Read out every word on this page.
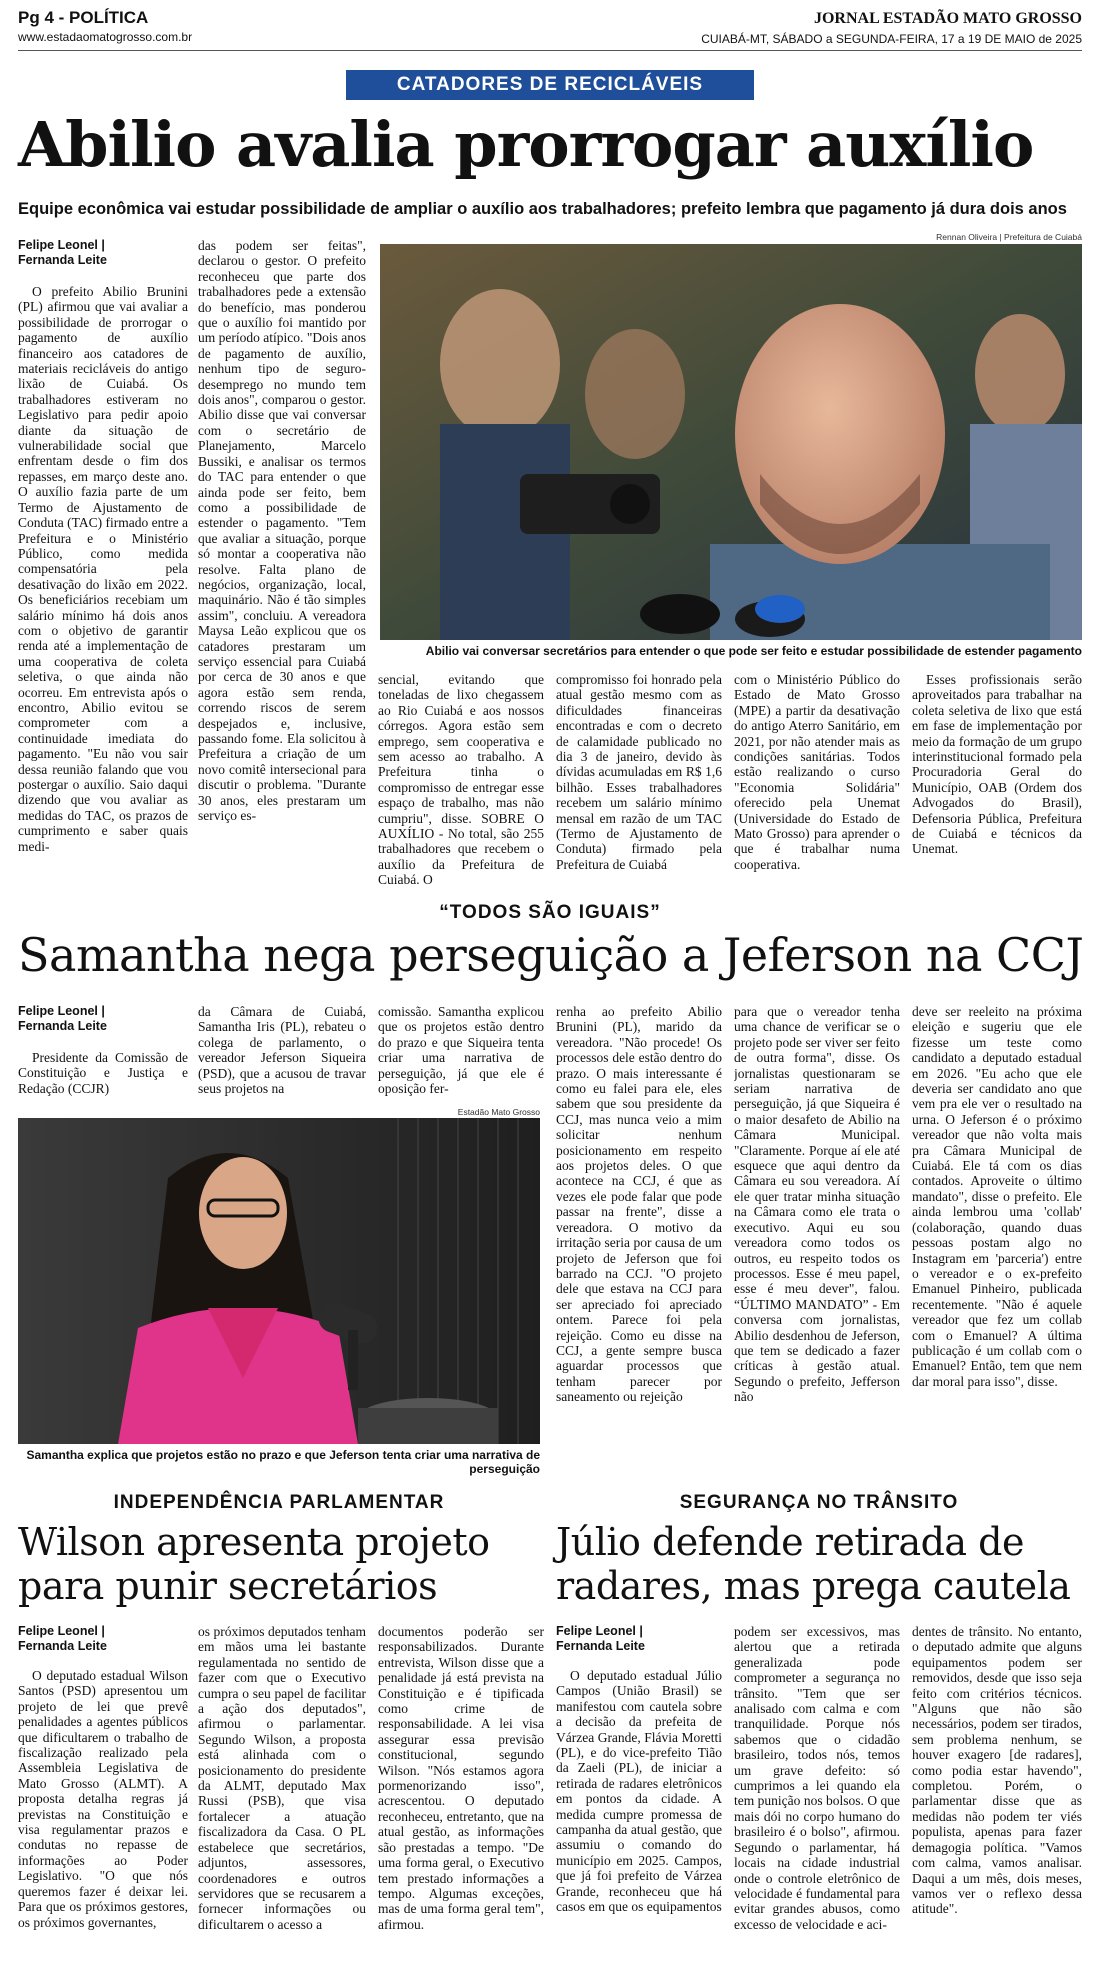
Pg 4 - POLÍTICA
www.estadaomatogrosso.com.br
JORNAL ESTADÃO MATO GROSSO
CUIABÁ-MT, SÁBADO a SEGUNDA-FEIRA, 17 a 19 DE MAIO de 2025
CATADORES DE RECICLÁVEIS
Abilio avalia prorrogar auxílio
Equipe econômica vai estudar possibilidade de ampliar o auxílio aos trabalhadores; prefeito lembra que pagamento já dura dois anos
Felipe Leonel |
Fernanda Leite

O prefeito Abilio Brunini (PL) afirmou que vai avaliar a possibilidade de prorrogar o pagamento de auxílio financeiro aos catadores de materiais recicláveis do antigo lixão de Cuiabá. Os trabalhadores estiveram no Legislativo para pedir apoio diante da situação de vulnerabilidade social que enfrentam desde o fim dos repasses, em março deste ano. O auxílio fazia parte de um Termo de Ajustamento de Conduta (TAC) firmado entre a Prefeitura e o Ministério Público, como medida compensatória pela desativação do lixão em 2022. Os beneficiários recebiam um salário mínimo há dois anos com o objetivo de garantir renda até a implementação de uma cooperativa de coleta seletiva, o que ainda não ocorreu. Em entrevista após o encontro, Abilio evitou se comprometer com a continuidade imediata do pagamento. "Eu não vou sair dessa reunião falando que vou postergar o auxílio. Saio daqui dizendo que vou avaliar as medidas do TAC, os prazos de cumprimento e saber quais medi-

das podem ser feitas", declarou o gestor. O prefeito reconheceu que parte dos trabalhadores pede a extensão do benefício, mas ponderou que o auxílio foi mantido por um período atípico. "Dois anos de pagamento de auxílio, nenhum tipo de seguro-desemprego no mundo tem dois anos", comparou o gestor. Abilio disse que vai conversar com o secretário de Planejamento, Marcelo Bussiki, e analisar os termos do TAC para entender o que ainda pode ser feito, bem como a possibilidade de estender o pagamento. "Tem que avaliar a situação, porque só montar a cooperativa não resolve. Falta plano de negócios, organização, local, maquinário. Não é tão simples assim", concluiu. A vereadora Maysa Leão explicou que os catadores prestaram um serviço essencial para Cuiabá por cerca de 30 anos e que agora estão sem renda, correndo riscos de serem despejados e, inclusive, passando fome. Ela solicitou à Prefeitura a criação de um novo comitê intersecional para discutir o problema. "Durante 30 anos, eles prestaram um serviço es-

Rennan Oliveira | Prefeitura de Cuiabá
Abilio vai conversar secretários para entender o que pode ser feito e estudar possibilidade de estender pagamento

sencial, evitando que toneladas de lixo chegassem ao Rio Cuiabá e aos nossos córregos. Agora estão sem emprego, sem cooperativa e sem acesso ao trabalho. A Prefeitura tinha o compromisso de entregar esse espaço de trabalho, mas não cumpriu", disse. SOBRE O AUXÍLIO - No total, são 255 trabalhadores que recebem o auxílio da Prefeitura de Cuiabá. O

compromisso foi honrado pela atual gestão mesmo com as dificuldades financeiras encontradas e com o decreto de calamidade publicado no dia 3 de janeiro, devido às dívidas acumuladas em R$ 1,6 bilhão. Esses trabalhadores recebem um salário mínimo mensal em razão de um TAC (Termo de Ajustamento de Conduta) firmado pela Prefeitura de Cuiabá

com o Ministério Público do Estado de Mato Grosso (MPE) a partir da desativação do antigo Aterro Sanitário, em 2021, por não atender mais as condições sanitárias. Todos estão realizando o curso "Economia Solidária" oferecido pela Unemat (Universidade do Estado de Mato Grosso) para aprender o que é trabalhar numa cooperativa.

Esses profissionais serão aproveitados para trabalhar na coleta seletiva de lixo que está em fase de implementação por meio da formação de um grupo interinstitucional formado pela Procuradoria Geral do Município, OAB (Ordem dos Advogados do Brasil), Defensoria Pública, Prefeitura de Cuiabá e técnicos da Unemat.

“TODOS SÃO IGUAIS”
Samantha nega perseguição a Jeferson na CCJ
Felipe Leonel |
Fernanda Leite

Presidente da Comissão de Constituição e Justiça e Redação (CCJR)

da Câmara de Cuiabá, Samantha Iris (PL), rebateu o colega de parlamento, o vereador Jeferson Siqueira (PSD), que a acusou de travar seus projetos na

comissão. Samantha explicou que os projetos estão dentro do prazo e que Siqueira tenta criar uma narrativa de perseguição, já que ele é oposição fer-

Estadão Mato Grosso
Samantha explica que projetos estão no prazo e que Jeferson tenta criar uma narrativa de perseguição

renha ao prefeito Abilio Brunini (PL), marido da vereadora. "Não procede! Os processos dele estão dentro do prazo. O mais interessante é como eu falei para ele, eles sabem que sou presidente da CCJ, mas nunca veio a mim solicitar nenhum posicionamento em respeito aos projetos deles. O que acontece na CCJ, é que as vezes ele pode falar que pode passar na frente", disse a vereadora. O motivo da irritação seria por causa de um projeto de Jeferson que foi barrado na CCJ. "O projeto dele que estava na CCJ para ser apreciado foi apreciado ontem. Parece foi pela rejeição. Como eu disse na CCJ, a gente sempre busca aguardar processos que tenham parecer por saneamento ou rejeição

para que o vereador tenha uma chance de verificar se o projeto pode ser viver ser feito de outra forma", disse. Os jornalistas questionaram se seriam narrativa de perseguição, já que Siqueira é o maior desafeto de Abilio na Câmara Municipal. "Claramente. Porque aí ele até esquece que aqui dentro da Câmara eu sou vereadora. Aí ele quer tratar minha situação na Câmara como ele trata o executivo. Aqui eu sou vereadora como todos os outros, eu respeito todos os processos. Esse é meu papel, esse é meu dever", falou. “ÚLTIMO MANDATO” - Em conversa com jornalistas, Abilio desdenhou de Jeferson, que tem se dedicado a fazer críticas à gestão atual. Segundo o prefeito, Jefferson não

deve ser reeleito na próxima eleição e sugeriu que ele fizesse um teste como candidato a deputado estadual em 2026. "Eu acho que ele deveria ser candidato ano que vem pra ele ver o resultado na urna. O Jeferson é o próximo vereador que não volta mais pra Câmara Municipal de Cuiabá. Ele tá com os dias contados. Aproveite o último mandato", disse o prefeito. Ele ainda lembrou uma 'collab' (colaboração, quando duas pessoas postam algo no Instagram em 'parceria') entre o vereador e o ex-prefeito Emanuel Pinheiro, publicada recentemente. "Não é aquele vereador que fez um collab com o Emanuel? A última publicação é um collab com o Emanuel? Então, tem que nem dar moral para isso", disse.

INDEPENDÊNCIA PARLAMENTAR
Wilson apresenta projeto
para punir secretários
Felipe Leonel |
Fernanda Leite

O deputado estadual Wilson Santos (PSD) apresentou um projeto de lei que prevê penalidades a agentes públicos que dificultarem o trabalho de fiscalização realizado pela Assembleia Legislativa de Mato Grosso (ALMT). A proposta detalha regras já previstas na Constituição e visa regulamentar prazos e condutas no repasse de informações ao Poder Legislativo. "O que nós queremos fazer é deixar lei. Para que os próximos gestores, os próximos governantes,

os próximos deputados tenham em mãos uma lei bastante regulamentada no sentido de fazer com que o Executivo cumpra o seu papel de facilitar a ação dos deputados", afirmou o parlamentar. Segundo Wilson, a proposta está alinhada com o posicionamento do presidente da ALMT, deputado Max Russi (PSB), que visa fortalecer a atuação fiscalizadora da Casa. O PL estabelece que secretários, adjuntos, assessores, coordenadores e outros servidores que se recusarem a fornecer informações ou dificultarem o acesso a

documentos poderão ser responsabilizados. Durante entrevista, Wilson disse que a penalidade já está prevista na Constituição e é tipificada como crime de responsabilidade. A lei visa assegurar essa previsão constitucional, segundo Wilson. "Nós estamos agora pormenorizando isso", acrescentou. O deputado reconheceu, entretanto, que na atual gestão, as informações são prestadas a tempo. "De uma forma geral, o Executivo tem prestado informações a tempo. Algumas exceções, mas de uma forma geral tem", afirmou.

SEGURANÇA NO TRÂNSITO
Júlio defende retirada de
radares, mas prega cautela
Felipe Leonel |
Fernanda Leite

O deputado estadual Júlio Campos (União Brasil) se manifestou com cautela sobre a decisão da prefeita de Várzea Grande, Flávia Moretti (PL), e do vice-prefeito Tião da Zaeli (PL), de iniciar a retirada de radares eletrônicos em pontos da cidade. A medida cumpre promessa de campanha da atual gestão, que assumiu o comando do município em 2025. Campos, que já foi prefeito de Várzea Grande, reconheceu que há casos em que os equipamentos

podem ser excessivos, mas alertou que a retirada generalizada pode comprometer a segurança no trânsito. "Tem que ser analisado com calma e com tranquilidade. Porque nós sabemos que o cidadão brasileiro, todos nós, temos um grave defeito: só cumprimos a lei quando ela tem punição nos bolsos. O que mais dói no corpo humano do brasileiro é o bolso", afirmou. Segundo o parlamentar, há locais na cidade industrial onde o controle eletrônico de velocidade é fundamental para evitar grandes abusos, como excesso de velocidade e aci-

dentes de trânsito. No entanto, o deputado admite que alguns equipamentos podem ser removidos, desde que isso seja feito com critérios técnicos. "Alguns que não são necessários, podem ser tirados, sem problema nenhum, se houver exagero [de radares], como podia estar havendo", completou. Porém, o parlamentar disse que as medidas não podem ter viés populista, apenas para fazer demagogia política. "Vamos com calma, vamos analisar. Daqui a um mês, dois meses, vamos ver o reflexo dessa atitude".
